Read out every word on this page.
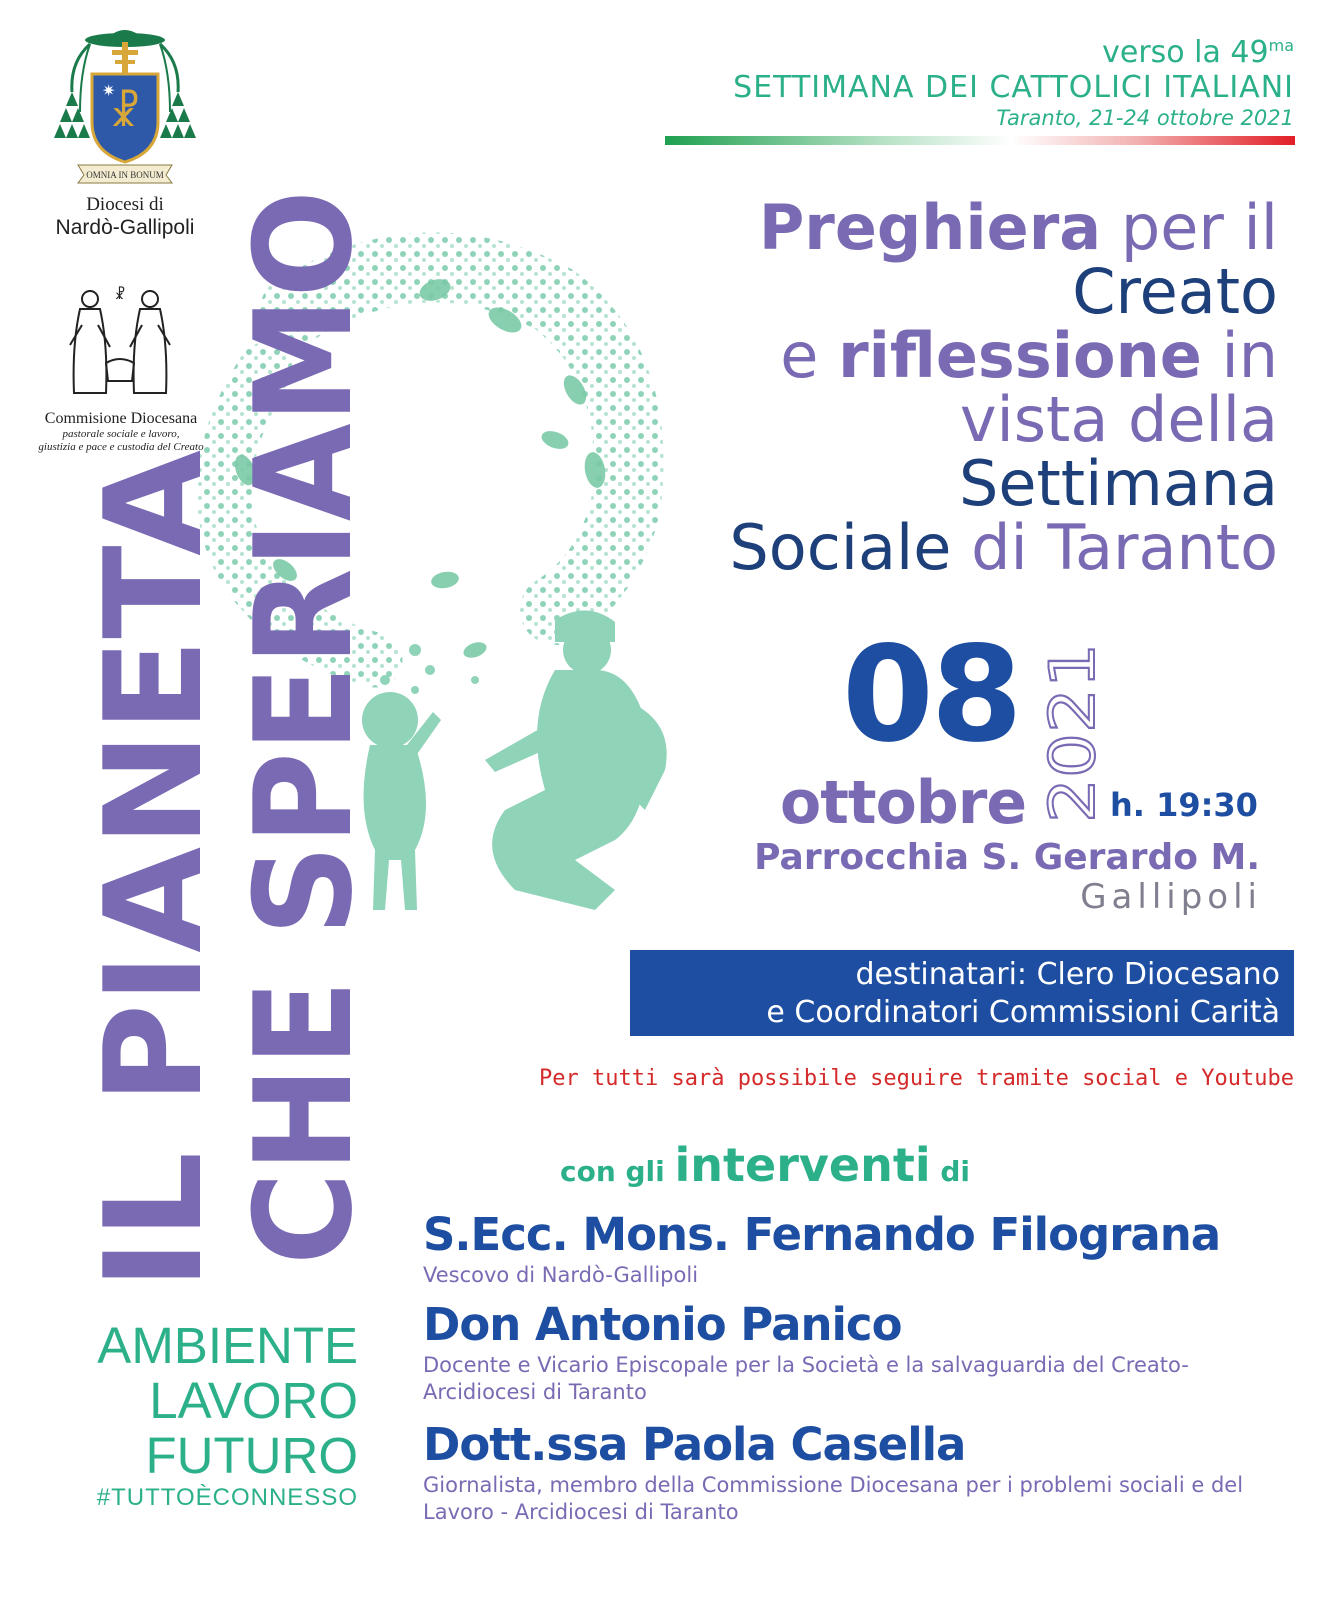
☧
✷
OMNIA IN BONUM
Diocesi di
Nardò-Gallipoli
☧
Commisione Diocesana
pastorale sociale e lavoro,
giustizia e pace e custodia del Creato
IL PIANETA
CHE SPERIAMO
AMBIENTE
LAVORO
FUTURO
#TUTTOÈCONNESSO
verso la $49^{ma}$
SETTIMANA DEI CATTOLICI ITALIANI
Taranto, 21-24 ottobre 2021
Preghiera per il
Creato
e riflessione in
vista della
Settimana
Sociale di Taranto
08
ottobre 2021 h. 19:30
Parrocchia S. Gerardo M.
Gallipoli
destinatari: Clero Diocesano
e Coordinatori Commissioni Carità
Per tutti sarà possibile seguire tramite social e Youtube
con gli interventi di
S.Ecc. Mons. Fernando Filograna
Vescovo di Nardò-Gallipoli
Don Antonio Panico
Docente e Vicario Episcopale per la Società e la salvaguardia del Creato-
Arcidiocesi di Taranto
Dott.ssa Paola Casella
Giornalista, membro della Commissione Diocesana per i problemi sociali e del
Lavoro - Arcidiocesi di Taranto
